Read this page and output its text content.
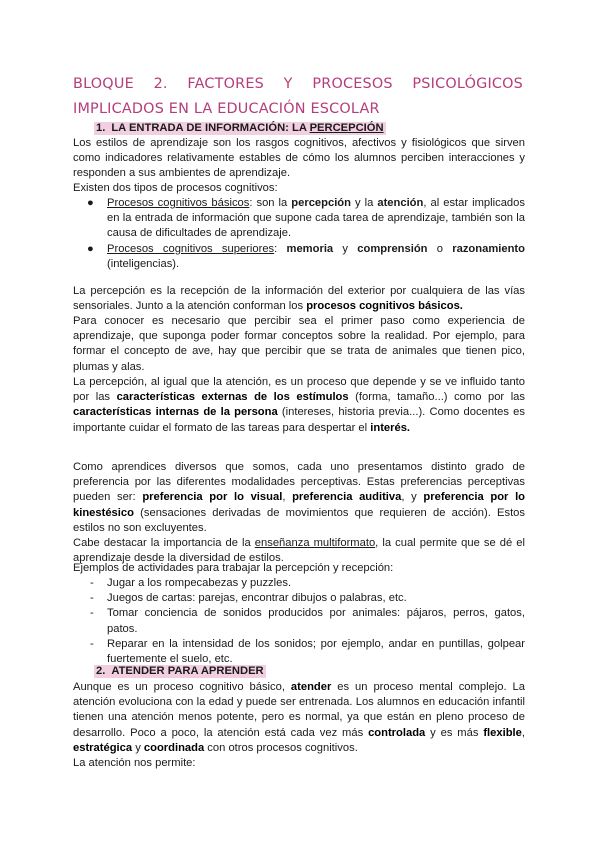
BLOQUE 2. FACTORES Y PROCESOS PSICOLÓGICOS
IMPLICADOS EN LA EDUCACIÓN ESCOLAR
1. LA ENTRADA DE INFORMACIÓN: LA PERCEPCIÓN

Los estilos de aprendizaje son los rasgos cognitivos, afectivos y fisiológicos que sirven como indicadores relativamente estables de cómo los alumnos perciben interacciones y responden a sus ambientes de aprendizaje.

Existen dos tipos de procesos cognitivos:

● Procesos cognitivos básicos: son la percepción y la atención, al estar implicados en la entrada de información que supone cada tarea de aprendizaje, también son la causa de dificultades de aprendizaje.
● Procesos cognitivos superiores: memoria y comprensión o razonamiento (inteligencias).

La percepción es la recepción de la información del exterior por cualquiera de las vías sensoriales. Junto a la atención conforman los procesos cognitivos básicos.

Para conocer es necesario que percibir sea el primer paso como experiencia de aprendizaje, que suponga poder formar conceptos sobre la realidad. Por ejemplo, para formar el concepto de ave, hay que percibir que se trata de animales que tienen pico, plumas y alas.

La percepción, al igual que la atención, es un proceso que depende y se ve influido tanto por las características externas de los estímulos (forma, tamaño...) como por las características internas de la persona (intereses, historia previa...). Como docentes es importante cuidar el formato de las tareas para despertar el interés.

Como aprendices diversos que somos, cada uno presentamos distinto grado de preferencia por las diferentes modalidades perceptivas. Estas preferencias perceptivas pueden ser: preferencia por lo visual, preferencia auditiva, y preferencia por lo kinestésico (sensaciones derivadas de movimientos que requieren de acción). Estos estilos no son excluyentes.

Cabe destacar la importancia de la enseñanza multiformato, la cual permite que se dé el aprendizaje desde la diversidad de estilos.

Ejemplos de actividades para trabajar la percepción y recepción:

- Jugar a los rompecabezas y puzzles.
- Juegos de cartas: parejas, encontrar dibujos o palabras, etc.
- Tomar conciencia de sonidos producidos por animales: pájaros, perros, gatos, patos.
- Reparar en la intensidad de los sonidos; por ejemplo, andar en puntillas, golpear fuertemente el suelo, etc.
2. ATENDER PARA APRENDER

Aunque es un proceso cognitivo básico, atender es un proceso mental complejo. La atención evoluciona con la edad y puede ser entrenada. Los alumnos en educación infantil tienen una atención menos potente, pero es normal, ya que están en pleno proceso de desarrollo. Poco a poco, la atención está cada vez más controlada y es más flexible, estratégica y coordinada con otros procesos cognitivos.

La atención nos permite:
